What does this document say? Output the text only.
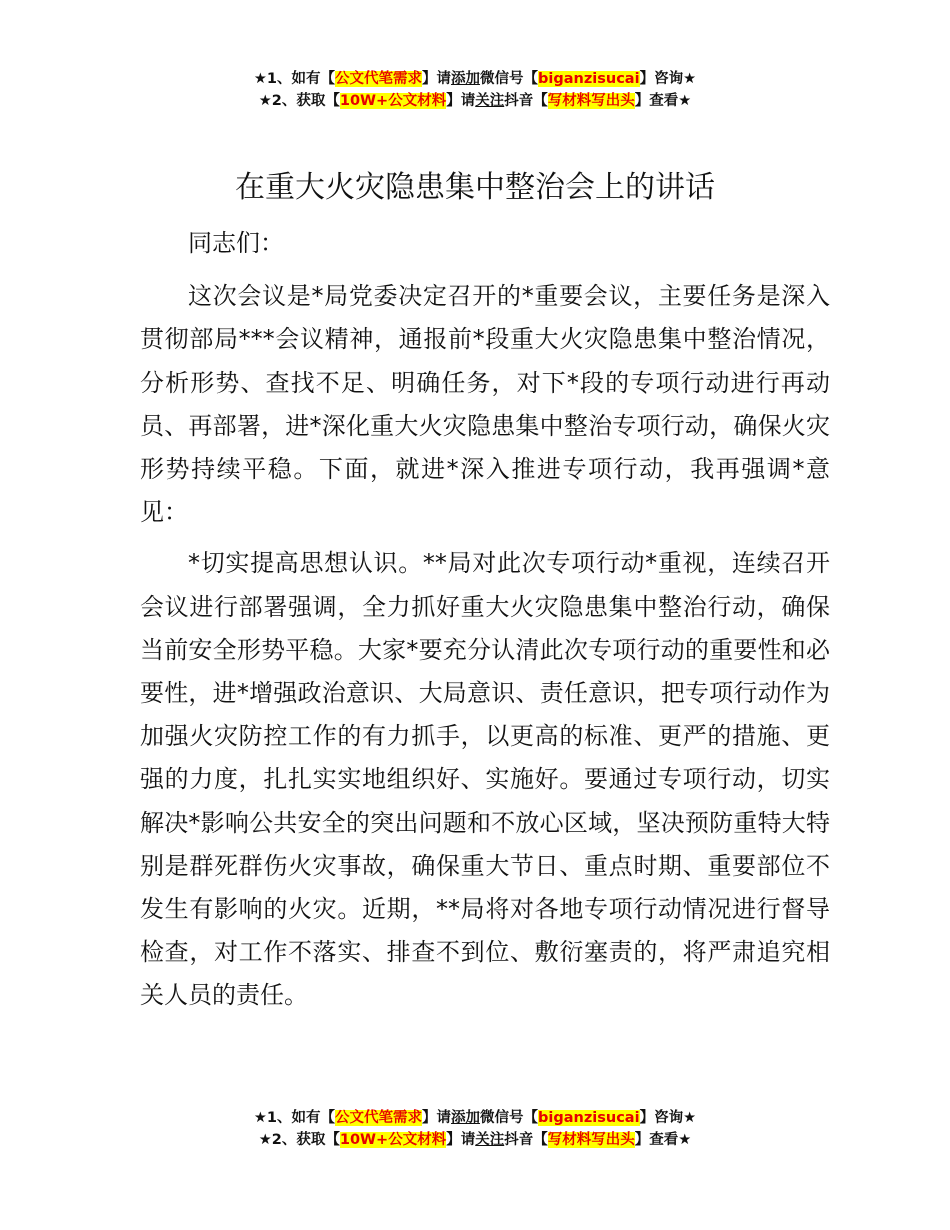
★1、如有【公文代笔需求】请添加微信号【biganzisucai】咨询★
★2、获取【10W+公文材料】请关注抖音【写材料写出头】查看★
在重大火灾隐患集中整治会上的讲话

同志们：

这次会议是*局党委决定召开的*重要会议，主要任务是深入贯彻部局***会议精神，通报前*段重大火灾隐患集中整治情况，分析形势、查找不足、明确任务，对下*段的专项行动进行再动员、再部署，进*深化重大火灾隐患集中整治专项行动，确保火灾形势持续平稳。下面，就进*深入推进专项行动，我再强调*意见：

*切实提高思想认识。**局对此次专项行动*重视，连续召开会议进行部署强调，全力抓好重大火灾隐患集中整治行动，确保当前安全形势平稳。大家*要充分认清此次专项行动的重要性和必要性，进*增强政治意识、大局意识、责任意识，把专项行动作为加强火灾防控工作的有力抓手，以更高的标准、更严的措施、更强的力度，扎扎实实地组织好、实施好。要通过专项行动，切实解决*影响公共安全的突出问题和不放心区域，坚决预防重特大特别是群死群伤火灾事故，确保重大节日、重点时期、重要部位不发生有影响的火灾。近期，**局将对各地专项行动情况进行督导检查，对工作不落实、排查不到位、敷衍塞责的，将严肃追究相关人员的责任。

★1、如有【公文代笔需求】请添加微信号【biganzisucai】咨询★
★2、获取【10W+公文材料】请关注抖音【写材料写出头】查看★
